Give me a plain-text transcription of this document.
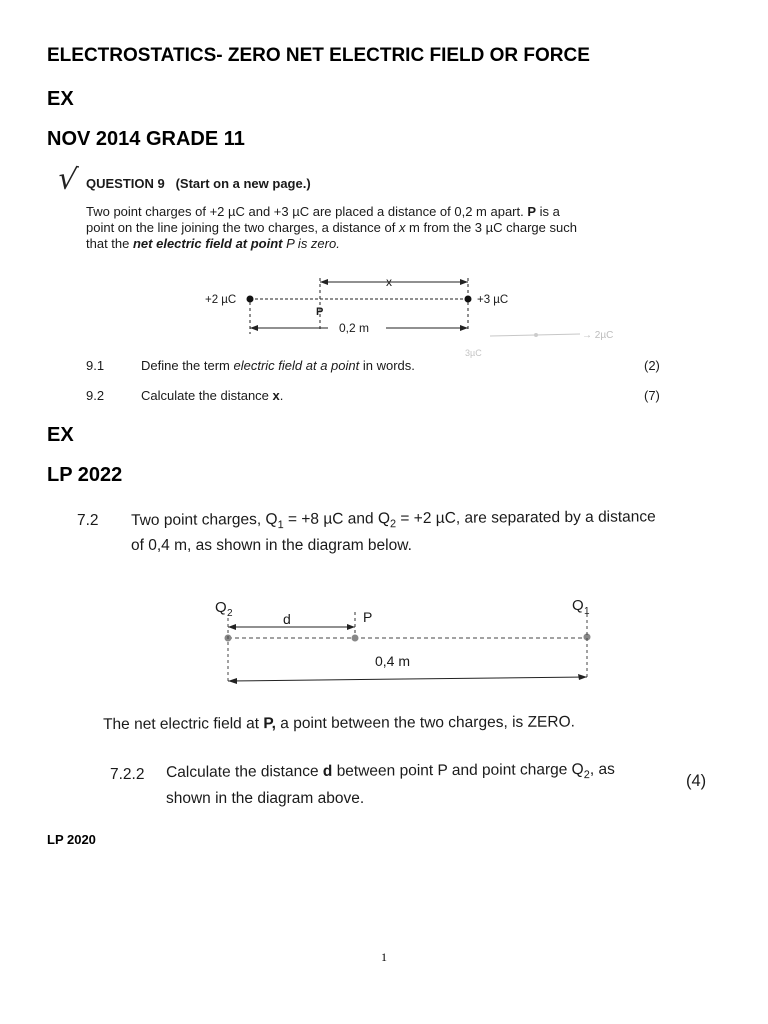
ELECTROSTATICS- ZERO NET ELECTRIC FIELD OR FORCE
EX
NOV 2014 GRADE 11
√ QUESTION 9 (Start on a new page.)
Two point charges of +2 µC and +3 µC are placed a distance of 0,2 m apart. P is a
point on the line joining the two charges, a distance of x m from the 3 µC charge such
that the net electric field at point P is zero.
x
+2 µC	+3 µC
P
0,2 m
→ 2µC
3µC
9.1	Define the term electric field at a point in words.	(2)
9.2	Calculate the distance x.	(7)
EX
LP 2022
7.2 Two point charges, $Q_1 = +8$ µC and $Q_2 = +2$ µC, are separated by a distance
of 0,4 m, as shown in the diagram below.
Q 2	Q 1
d	P
0,4 m
The net electric field at P, a point between the two charges, is ZERO.
7.2.2 Calculate the distance d between point P and point charge $Q_2$, as
shown in the diagram above.
(4)
LP 2020
1
